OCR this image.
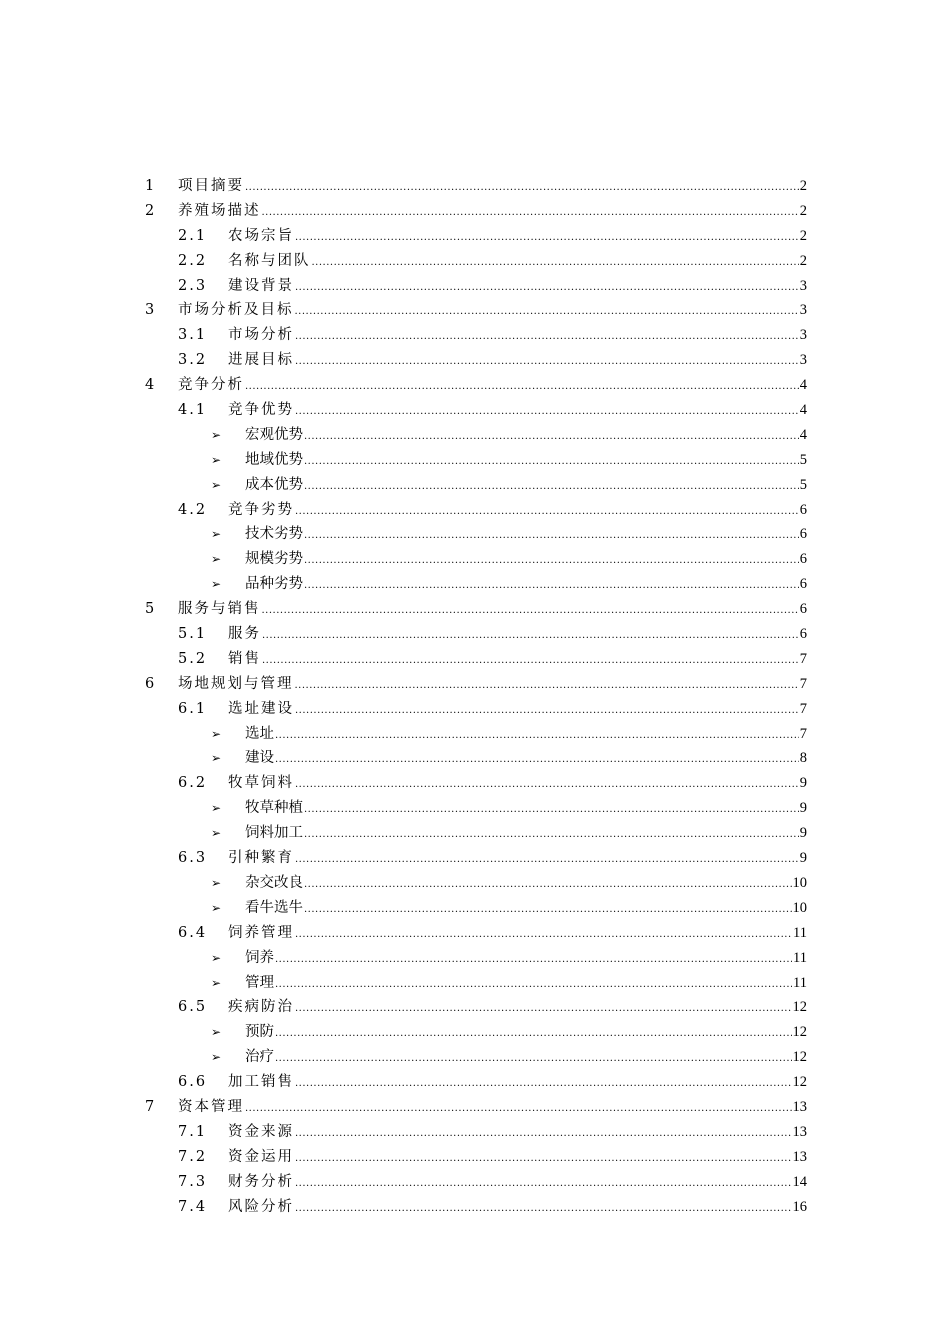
1 项目摘要 .....	2
2 养殖场描述 .....	2
2.1 农场宗旨 .....	2
2.2 名称与团队 .....	2
2.3 建设背景 .....	3
3 市场分析及目标 .....	3
3.1 市场分析 .....	3
3.2 进展目标 .....	3
4 竞争分析 .....	4
4.1 竞争优势 .....	4
➢ 宏观优势 .....	4
➢ 地域优势 .....	5
➢ 成本优势 .....	5
4.2 竞争劣势 .....	6
➢ 技术劣势 .....	6
➢ 规模劣势 .....	6
➢ 品种劣势 .....	6
5 服务与销售 .....	6
5.1 服务 .....	6
5.2 销售 .....	7
6 场地规划与管理 .....	7
6.1 选址建设 .....	7
➢ 选址 .....	7
➢ 建设 .....	8
6.2 牧草饲料 .....	9
➢ 牧草种植 .....	9
➢ 饲料加工 .....	9
6.3 引种繁育 .....	9
➢ 杂交改良 .....	10
➢ 看牛选牛 .....	10
6.4 饲养管理 .....	11
➢ 饲养 .....	11
➢ 管理 .....	11
6.5 疾病防治 .....	12
➢ 预防 .....	12
➢ 治疗 .....	12
6.6 加工销售 .....	12
7 资本管理 .....	13
7.1 资金来源 .....	13
7.2 资金运用 .....	13
7.3 财务分析 .....	14
7.4 风险分析 .....	16
